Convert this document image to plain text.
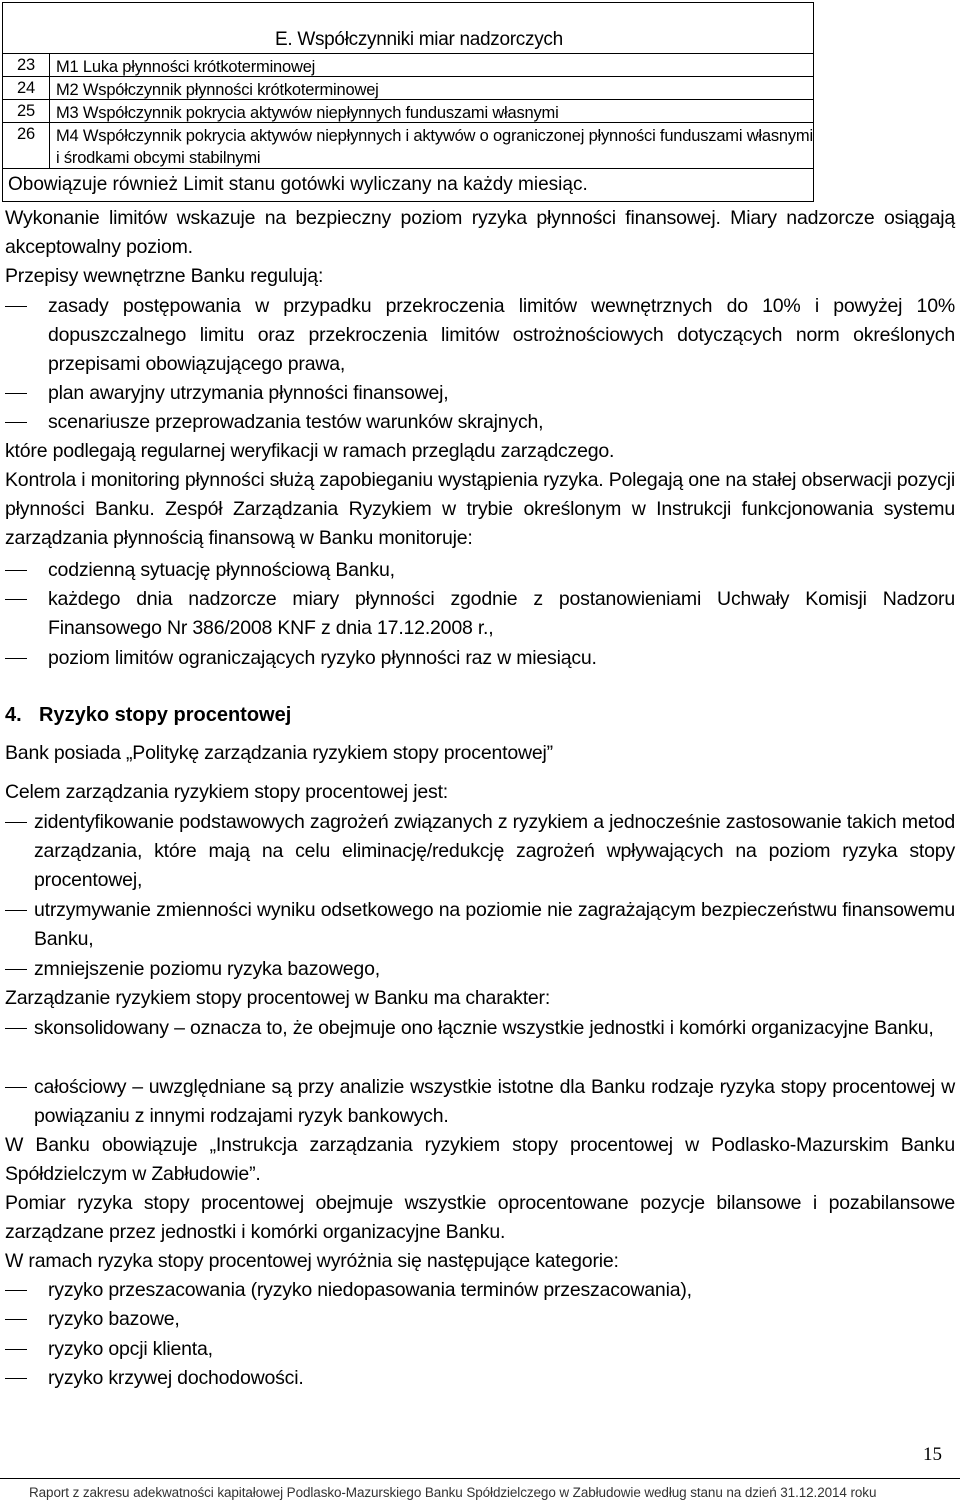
E. Współczynniki miar nadzorczych
23	M1 Luka płynności krótkoterminowej
24	M2 Współczynnik płynności krótkoterminowej
25	M3 Współczynnik pokrycia aktywów niepłynnych funduszami własnymi
26	M4 Współczynnik pokrycia aktywów niepłynnych i aktywów o ograniczonej płynności funduszami własnymi i środkami obcymi stabilnymi
Obowiązuje również Limit stanu gotówki wyliczany na każdy miesiąc.
Wykonanie limitów wskazuje na bezpieczny poziom ryzyka płynności finansowej. Miary nadzorcze osiągają akceptowalny poziom.
Przepisy wewnętrzne Banku regulują:
zasady postępowania w przypadku przekroczenia limitów wewnętrznych do 10% i powyżej 10% dopuszczalnego limitu oraz przekroczenia limitów ostrożnościowych dotyczących norm określonych przepisami obowiązującego prawa,
plan awaryjny utrzymania płynności finansowej,
scenariusze przeprowadzania testów warunków skrajnych,
które podlegają regularnej weryfikacji w ramach przeglądu zarządczego.
Kontrola i monitoring płynności służą zapobieganiu wystąpienia ryzyka. Polegają one na stałej obserwacji pozycji płynności Banku. Zespół Zarządzania Ryzykiem w trybie określonym w Instrukcji funkcjonowania systemu zarządzania płynnością finansową w Banku monitoruje:
codzienną sytuację płynnościową Banku,
każdego dnia nadzorcze miary płynności zgodnie z postanowieniami Uchwały Komisji Nadzoru Finansowego Nr 386/2008 KNF z dnia 17.12.2008 r.,
poziom limitów ograniczających ryzyko płynności raz w miesiącu.
4. Ryzyko stopy procentowej
Bank posiada „Politykę zarządzania ryzykiem stopy procentowej”
Celem zarządzania ryzykiem stopy procentowej jest:
zidentyfikowanie podstawowych zagrożeń związanych z ryzykiem a jednocześnie zastosowanie takich metod zarządzania, które mają na celu eliminację/redukcję zagrożeń wpływających na poziom ryzyka stopy procentowej,
utrzymywanie zmienności wyniku odsetkowego na poziomie nie zagrażającym bezpieczeństwu finansowemu Banku,
zmniejszenie poziomu ryzyka bazowego,
Zarządzanie ryzykiem stopy procentowej w Banku ma charakter:
skonsolidowany – oznacza to, że obejmuje ono łącznie wszystkie jednostki i komórki organizacyjne Banku,
całościowy – uwzględniane są przy analizie wszystkie istotne dla Banku rodzaje ryzyka stopy procentowej w powiązaniu z innymi rodzajami ryzyk bankowych.
W Banku obowiązuje „Instrukcja zarządzania ryzykiem stopy procentowej w Podlasko-Mazurskim Banku Spółdzielczym w Zabłudowie”.
Pomiar ryzyka stopy procentowej obejmuje wszystkie oprocentowane pozycje bilansowe i pozabilansowe zarządzane przez jednostki i komórki organizacyjne Banku.
W ramach ryzyka stopy procentowej wyróżnia się następujące kategorie:
ryzyko przeszacowania (ryzyko niedopasowania terminów przeszacowania),
ryzyko bazowe,
ryzyko opcji klienta,
ryzyko krzywej dochodowości.
15
Raport z zakresu adekwatności kapitałowej Podlasko-Mazurskiego Banku Spółdzielczego w Zabłudowie według stanu na dzień 31.12.2014 roku
